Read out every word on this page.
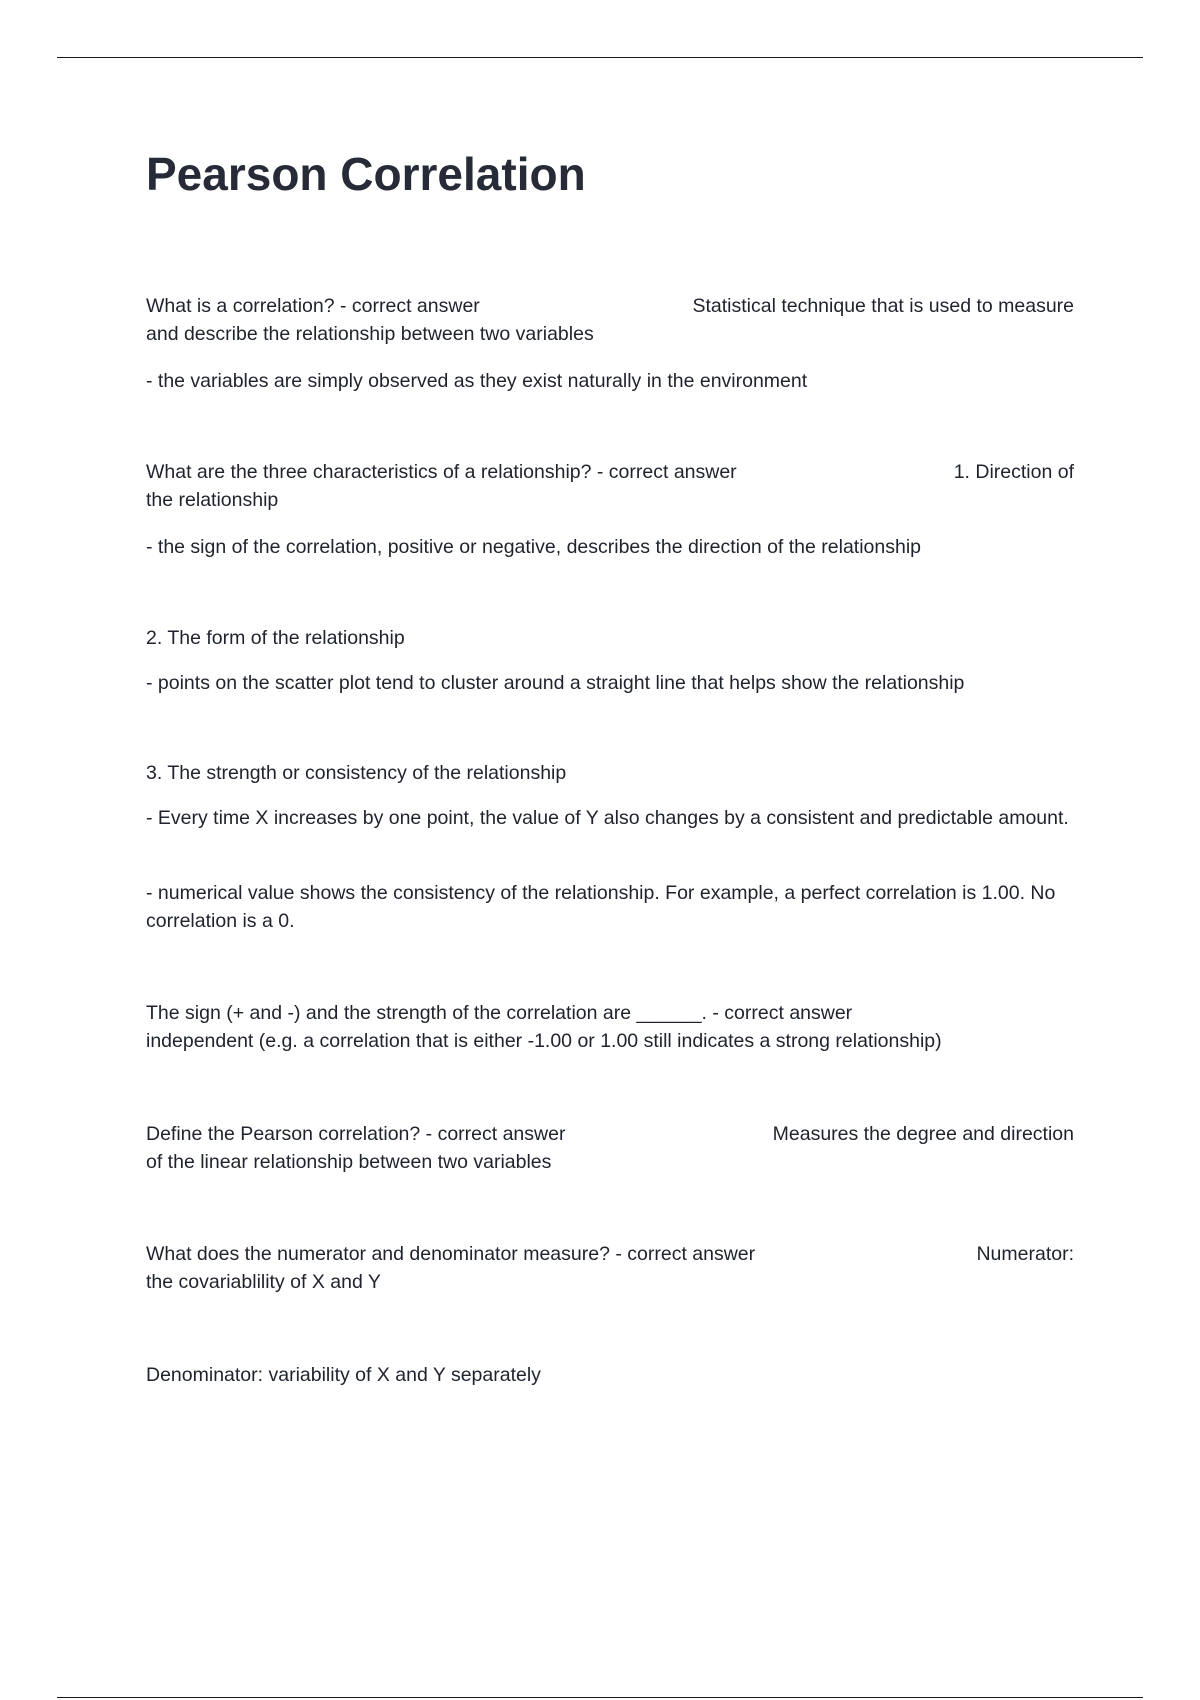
Pearson Correlation
What is a correlation? - correct answer	Statistical technique that is used to measure
and describe the relationship between two variables

- the variables are simply observed as they exist naturally in the environment

What are the three characteristics of a relationship? - correct answer	1. Direction of
the relationship

- the sign of the correlation, positive or negative, describes the direction of the relationship

2. The form of the relationship

- points on the scatter plot tend to cluster around a straight line that helps show the relationship

3. The strength or consistency of the relationship

- Every time X increases by one point, the value of Y also changes by a consistent and predictable amount.

- numerical value shows the consistency of the relationship. For example, a perfect correlation is 1.00. No correlation is a 0.

The sign (+ and -) and the strength of the correlation are ______. - correct answer
independent (e.g. a correlation that is either -1.00 or 1.00 still indicates a strong relationship)
Define the Pearson correlation? - correct answer	Measures the degree and direction
of the linear relationship between two variables
What does the numerator and denominator measure? - correct answer	Numerator:
the covariablility of X and Y

Denominator: variability of X and Y separately
